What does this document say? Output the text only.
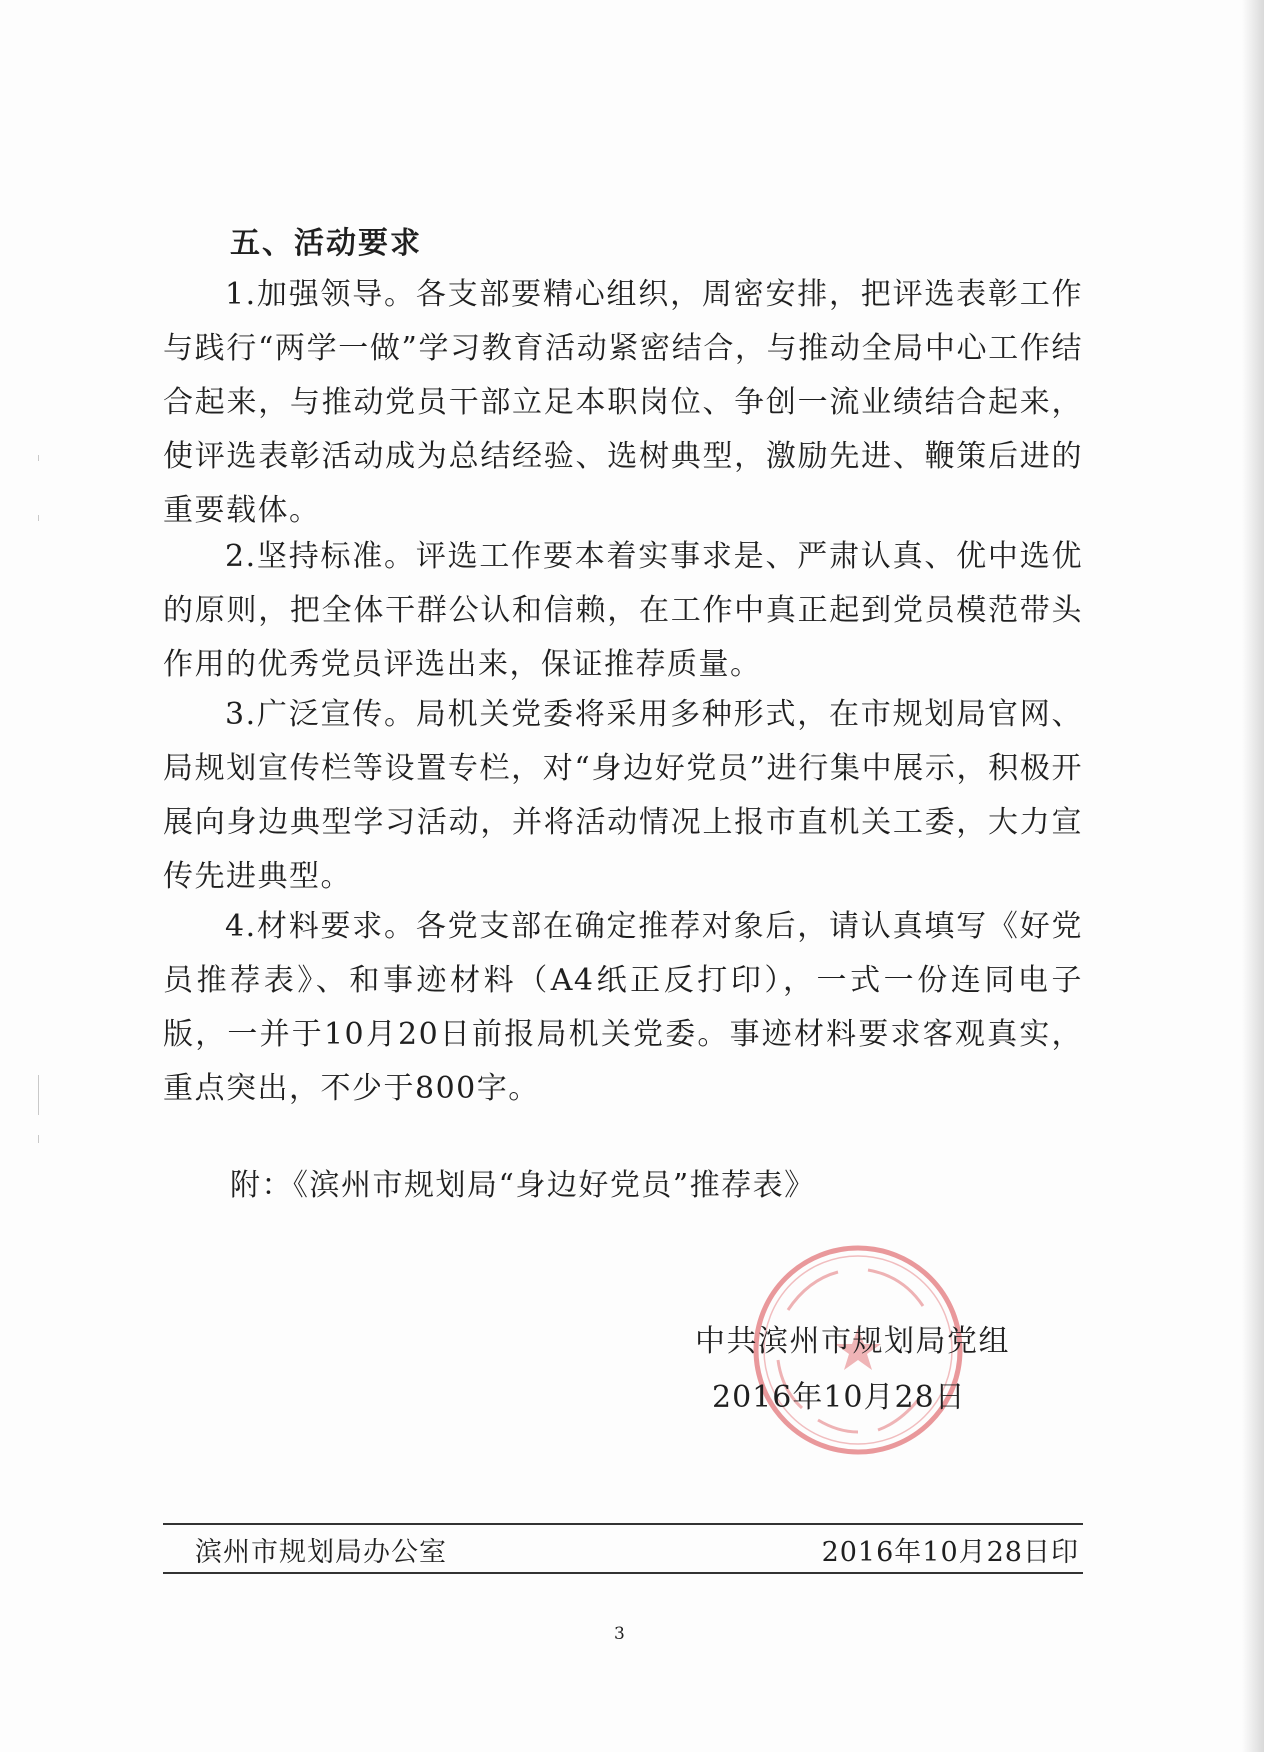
五、活动要求

1.加强领导。各支部要精心组织，周密安排，把评选表彰工作与践行“两学一做”学习教育活动紧密结合，与推动全局中心工作结合起来，与推动党员干部立足本职岗位、争创一流业绩结合起来，使评选表彰活动成为总结经验、选树典型，激励先进、鞭策后进的重要载体。

2.坚持标准。评选工作要本着实事求是、严肃认真、优中选优的原则，把全体干群公认和信赖，在工作中真正起到党员模范带头作用的优秀党员评选出来，保证推荐质量。

3.广泛宣传。局机关党委将采用多种形式，在市规划局官网、局规划宣传栏等设置专栏，对“身边好党员”进行集中展示，积极开展向身边典型学习活动，并将活动情况上报市直机关工委，大力宣传先进典型。

4.材料要求。各党支部在确定推荐对象后，请认真填写《好党员推荐表》、和事迹材料（A4纸正反打印），一式一份连同电子版，一并于10月20日前报局机关党委。事迹材料要求客观真实，重点突出，不少于800字。

附：《滨州市规划局“身边好党员”推荐表》

中共滨州市规划局党组
2016年10月28日
滨州市规划局办公室	2016年10月28日印
3
